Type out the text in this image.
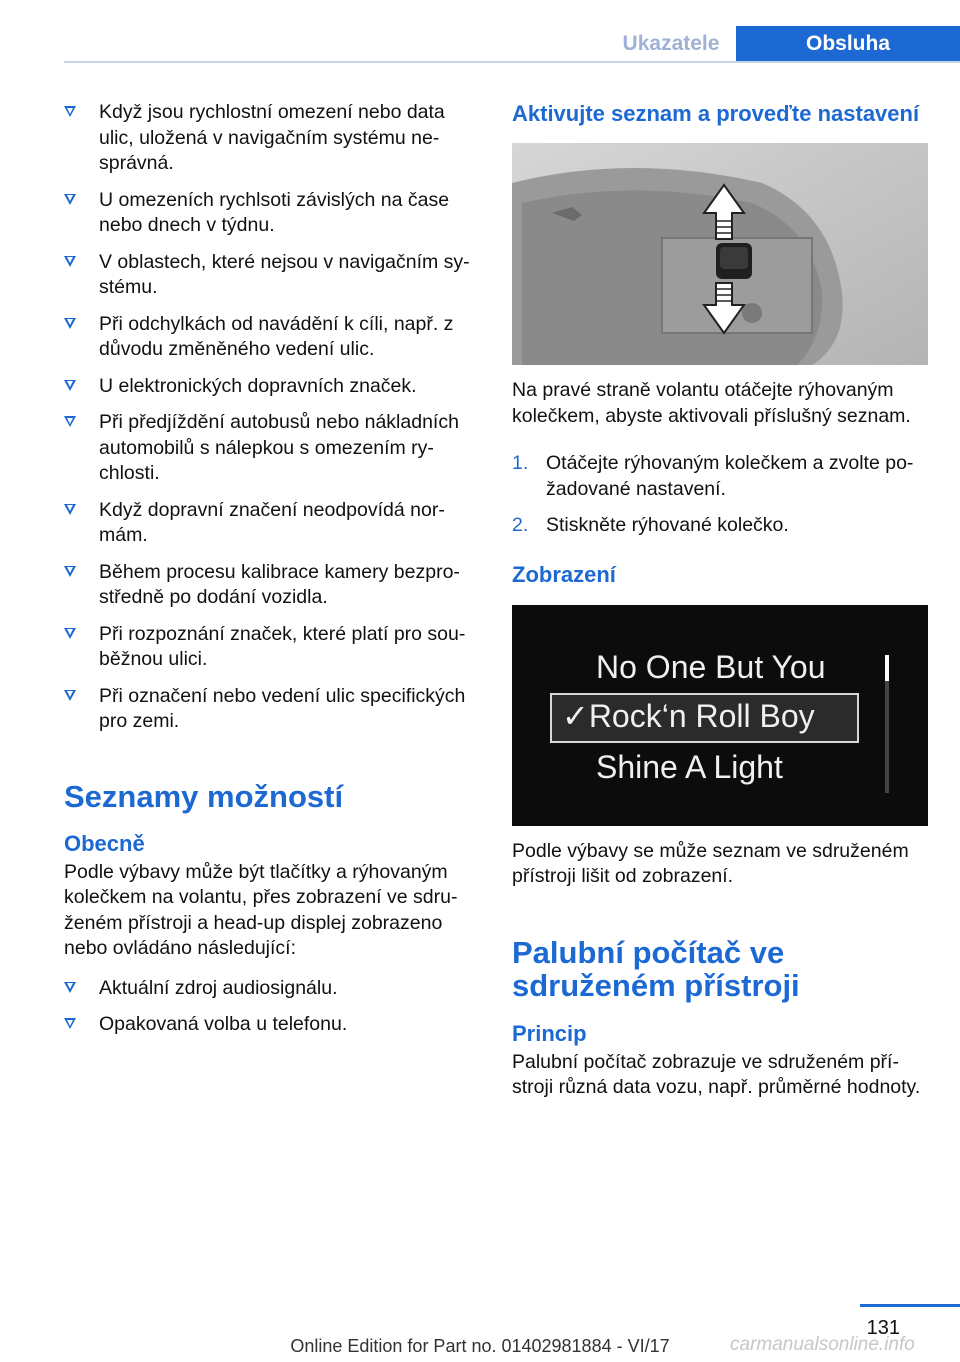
Ukazatele	Obsluha
Když jsou rychlostní omezení nebo data ulic, uložená v navigačním systému ne‐správná.
U omezeních rychlsoti závislých na čase nebo dnech v týdnu.
V oblastech, které nejsou v navigačním sy‐stému.
Při odchylkách od navádění k cíli, např. z důvodu změněného vedení ulic.
U elektronických dopravních značek.
Při předjíždění autobusů nebo nákladních automobilů s nálepkou s omezením ry‐chlosti.
Když dopravní značení neodpovídá nor‐mám.
Během procesu kalibrace kamery bezpro‐středně po dodání vozidla.
Při rozpoznání značek, které platí pro sou‐běžnou ulici.
Při označení nebo vedení ulic specifických pro zemi.
Seznamy možností
Obecně

Podle výbavy může být tlačítky a rýhovaným kolečkem na volantu, přes zobrazení ve sdru‐ženém přístroji a head-up displej zobrazeno nebo ovládáno následující:

Aktuální zdroj audiosignálu.
Opakovaná volba u telefonu.
Aktivujte seznam a proveďte nastavení

Na pravé straně volantu otáčejte rýhovaným kolečkem, abyste aktivovali příslušný seznam.

1. Otáčejte rýhovaným kolečkem a zvolte po‐žadované nastavení.
2. Stiskněte rýhované kolečko.
Zobrazení
No One But You
✓Rock‘n Roll Boy
Shine A Light

Podle výbavy se může seznam ve sdruženém přístroji lišit od zobrazení.

Palubní počítač ve sdruženém přístroji
Princip

Palubní počítač zobrazuje ve sdruženém pří‐stroji různá data vozu, např. průměrné hodnoty.

131
carmanualsonline.info
Online Edition for Part no. 01402981884 - VI/17
